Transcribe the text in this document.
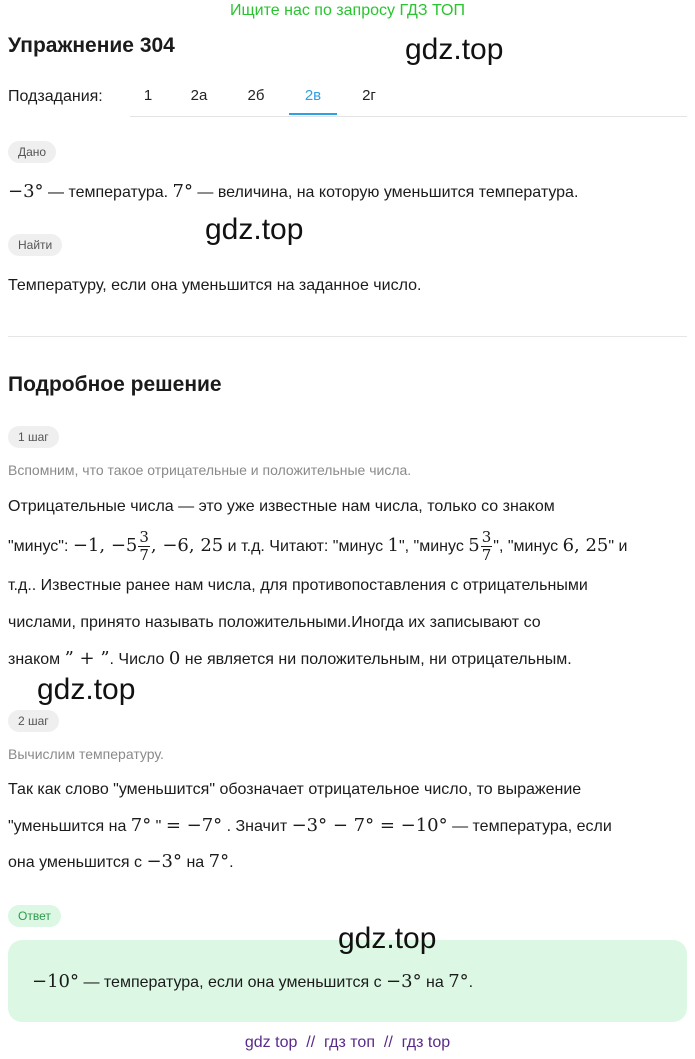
Ищите нас по запросу ГДЗ ТОП
Упражнение 304	gdz.top
Подзадания:	1	2а	2б	2в	2г
Дано
−3° — температура. 7° — величина, на которую уменьшится температура.
gdz.top
Найти
Температуру, если она уменьшится на заданное число.
Подробное решение
1 шаг
Вспомним, что такое отрицательные и положительные числа.
Отрицательные числа — это уже известные нам числа, только со знаком
"минус": −1, $-5 \frac{3}{7}$ , −6, 25 и т.д. Читают: "минус 1", "минус $5 \frac{3}{7}$ ", "минус 6, 25" и
т.д.. Известные ранее нам числа, для противопоставления с отрицательными
числами, принято называть положительными.Иногда их записывают со
знаком ” + ”. Число 0 не является ни положительным, ни отрицательным.
gdz.top
2 шаг
Вычислим температуру.
Так как слово "уменьшится" обозначает отрицательное число, то выражение
"уменьшится на 7° " = −7° . Значит −3° − 7° = −10° — температура, если
она уменьшится с −3° на 7°.
Ответ
−10° — температура, если она уменьшится с −3° на 7°.
gdz.top
gdz top  //  гдз топ  //  гдз top
